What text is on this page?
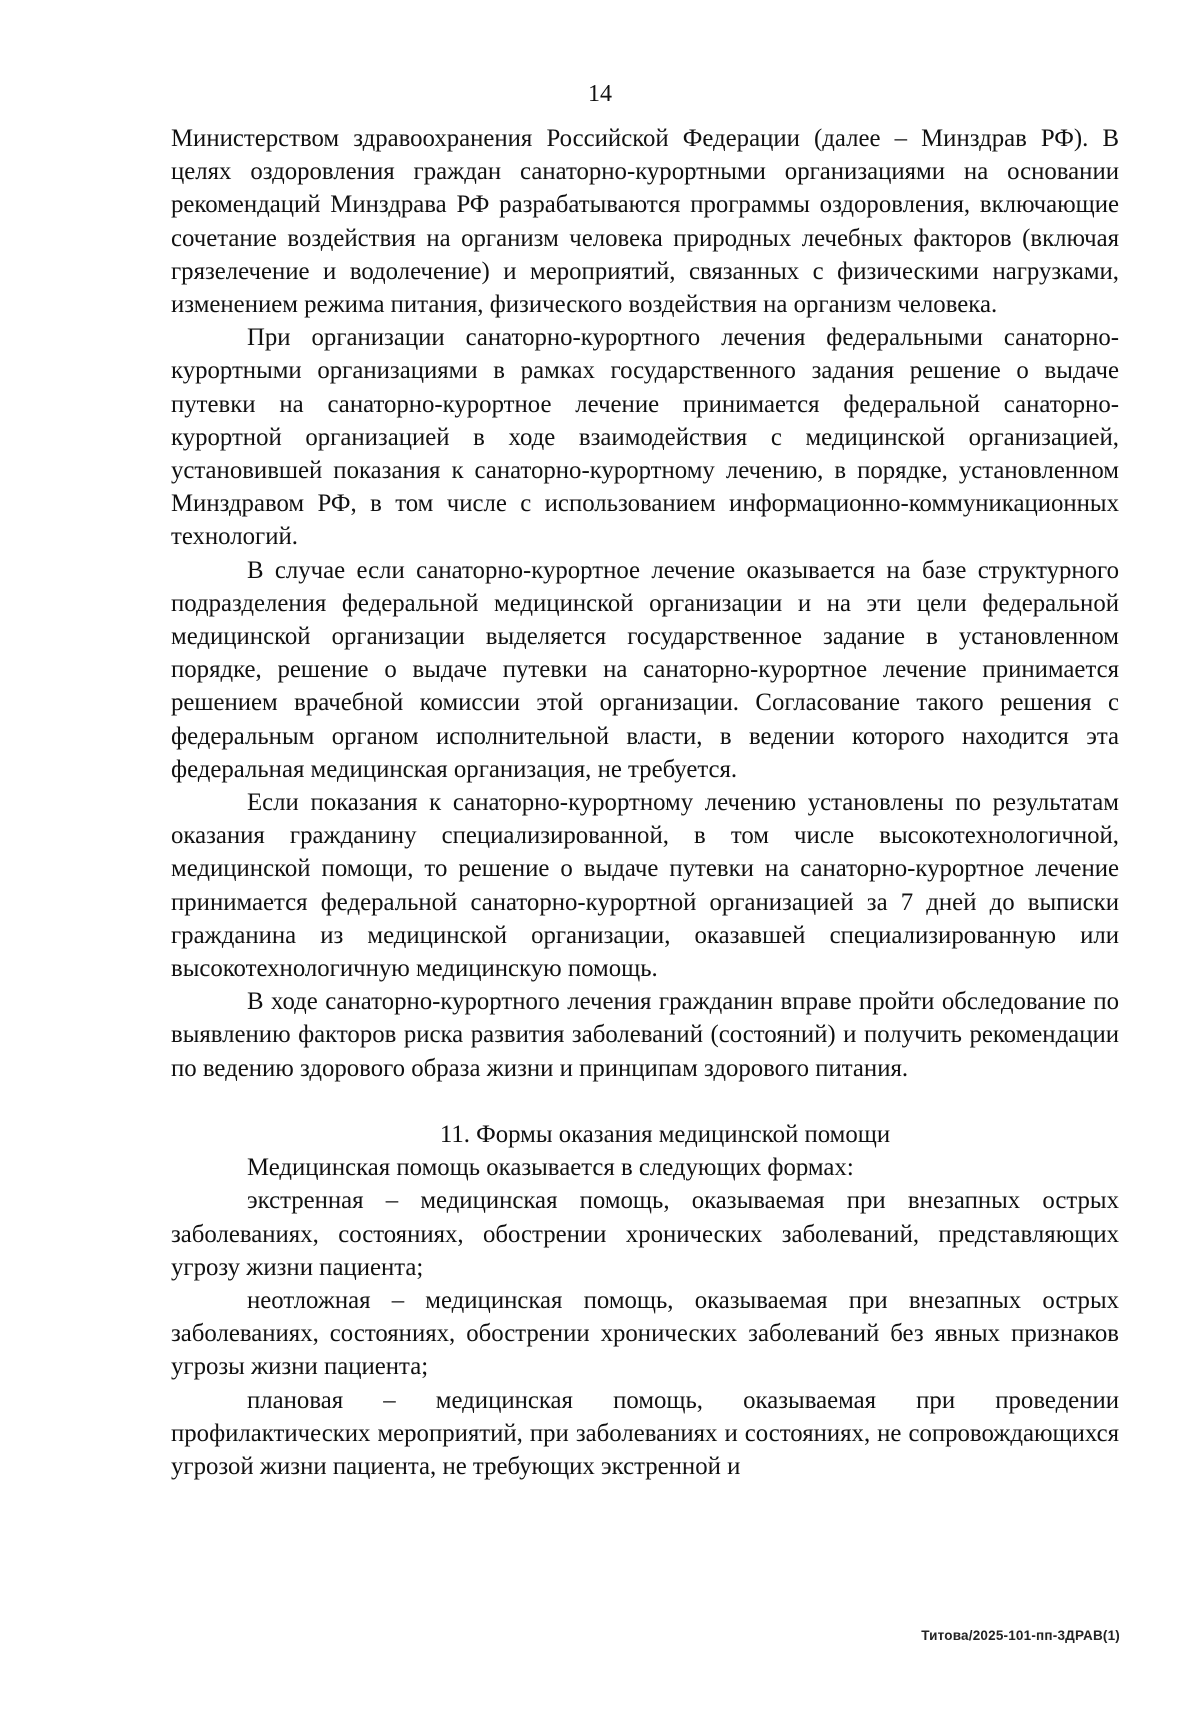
14

Министерством здравоохранения Российской Федерации (далее – Минздрав РФ). В целях оздоровления граждан санаторно-курортными организациями на основании рекомендаций Минздрава РФ разрабатываются программы оздоровления, включающие сочетание воздействия на организм человека природных лечебных факторов (включая грязелечение и водолечение) и мероприятий, связанных с физическими нагрузками, изменением режима питания, физического воздействия на организм человека.

При организации санаторно-курортного лечения федеральными санаторно-курортными организациями в рамках государственного задания решение о выдаче путевки на санаторно-курортное лечение принимается федеральной санаторно-курортной организацией в ходе взаимодействия с медицинской организацией, установившей показания к санаторно-курортному лечению, в порядке, установленном Минздравом РФ, в том числе с использованием информационно-коммуникационных технологий.

В случае если санаторно-курортное лечение оказывается на базе структурного подразделения федеральной медицинской организации и на эти цели федеральной медицинской организации выделяется государственное задание в установленном порядке, решение о выдаче путевки на санаторно-курортное лечение принимается решением врачебной комиссии этой организации. Согласование такого решения с федеральным органом исполнительной власти, в ведении которого находится эта федеральная медицинская организация, не требуется.

Если показания к санаторно-курортному лечению установлены по результатам оказания гражданину специализированной, в том числе высокотехнологичной, медицинской помощи, то решение о выдаче путевки на санаторно-курортное лечение принимается федеральной санаторно-курортной организацией за 7 дней до выписки гражданина из медицинской организации, оказавшей специализированную или высокотехнологичную медицинскую помощь.

В ходе санаторно-курортного лечения гражданин вправе пройти обследование по выявлению факторов риска развития заболеваний (состояний) и получить рекомендации по ведению здорового образа жизни и принципам здорового питания.

11. Формы оказания медицинской помощи

Медицинская помощь оказывается в следующих формах:

экстренная – медицинская помощь, оказываемая при внезапных острых заболеваниях, состояниях, обострении хронических заболеваний, представляющих угрозу жизни пациента;

неотложная – медицинская помощь, оказываемая при внезапных острых заболеваниях, состояниях, обострении хронических заболеваний без явных признаков угрозы жизни пациента;

плановая – медицинская помощь, оказываемая при проведении профилактических мероприятий, при заболеваниях и состояниях, не сопровождающихся угрозой жизни пациента, не требующих экстренной и

Титова/2025-101-пп-3ДРАВ(1)
